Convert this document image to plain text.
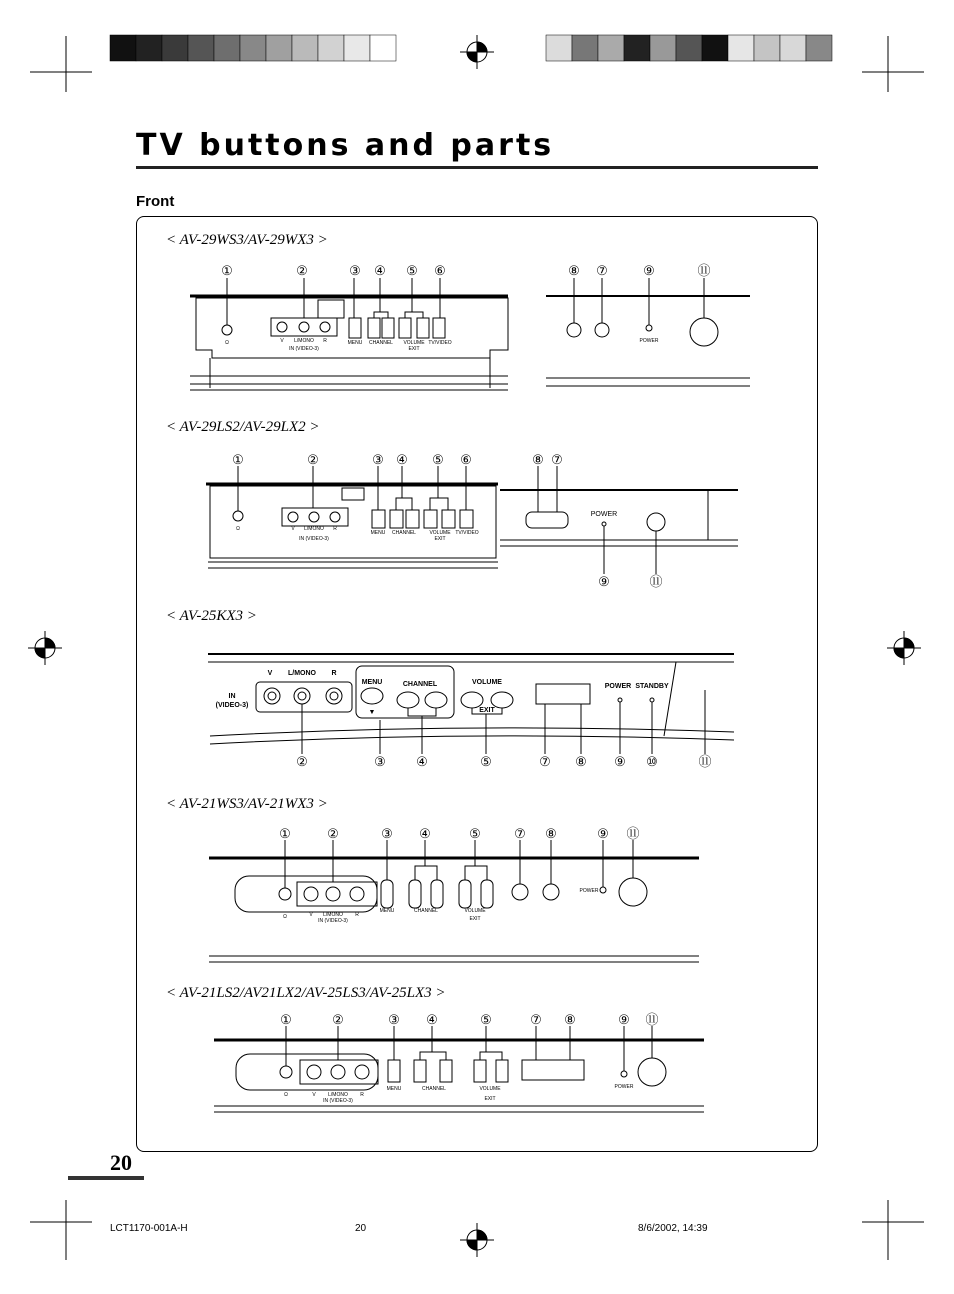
TV buttons and parts
Front
< AV-29WS3/AV-29WX3 >
< AV-29LS2/AV-29LX2 >
< AV-25KX3 >
< AV-21WS3/AV-21WX3 >
< AV-21LS2/AV21LX2/AV-25LS3/AV-25LX3 >
V L/MONO R
IN (VIDEO-3)
MENU CHANNEL VOLUME
EXIT
TV/VIDEO	POWER
Ω
①	②	③ ④ ⑤ ⑥	⑧ ⑦	⑨	⑪
V L/MONO R
IN (VIDEO-3)
MENU CHANNEL	VOLUME
EXIT
TV/VIDEO
Ω
POWER
①	②	③ ④ ⑤ ⑥	⑧ ⑦
⑨	⑪
V L/MONO R
IN
(VIDEO-3)
MENU	CHANNEL	VOLUME
EXIT
▼
POWER STANDBY
②	③ ④	⑤	⑦ ⑧ ⑨ ⑩	⑪
V L/MONO R
IN (VIDEO-3)
MENU	CHANNEL	VOLUME
EXIT
POWER
Ω
①	②	③ ④	⑤	⑦ ⑧	⑨ ⑪
V L/MONO R
IN (VIDEO-3)
MENU	CHANNEL	VOLUME
EXIT
POWER
Ω
①	②	③ ④	⑤	⑦ ⑧	⑨ ⑪
20
LCT1170-001A-H	20	8/6/2002, 14:39
